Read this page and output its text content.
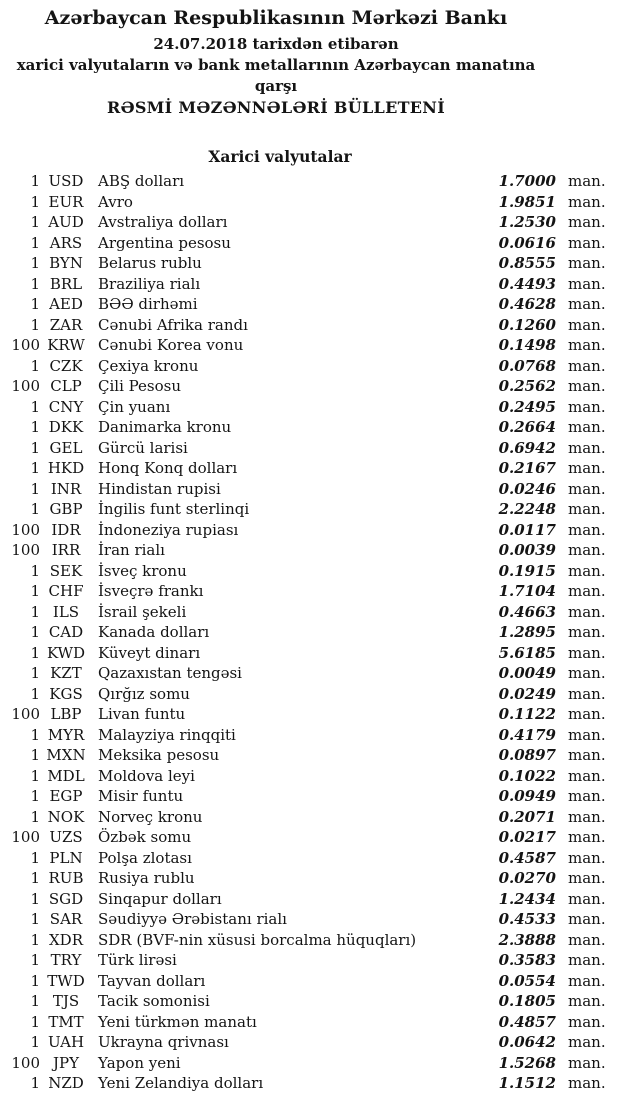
Azərbaycan Respublikasının Mərkəzi Bankı
24.07.2018 tarixdən etibarən
xarici valyutaların və bank metallarının Azərbaycan manatına qarşı
RƏSMİ MƏZƏNNƏLƏRİ BÜLLETENİ
Xarici valyutalar
1 USD ABŞ dolları	1.7000 man.
1 EUR Avro	1.9851 man.
1 AUD Avstraliya dolları	1.2530 man.
1 ARS	Argentina pesosu	0.0616 man.
1 BYN	Belarus rublu	0.8555 man.
1 BRL	Braziliya rialı	0.4493 man.
1 AED	BƏƏ dirhəmi	0.4628 man.
1 ZAR	Cənubi Afrika randı	0.1260 man.
100 KRW Cənubi Korea vonu	0.1498 man.
1 CZK	Çexiya kronu	0.0768 man.
100 CLP	Çili Pesosu	0.2562 man.
1 CNY Çin yuanı	0.2495 man.
1 DKK Danimarka kronu	0.2664 man.
1 GEL	Gürcü larisi	0.6942 man.
1 HKD Honq Konq dolları	0.2167 man.
1 INR	Hindistan rupisi	0.0246 man.
1 GBP	İngilis funt sterlinqi	2.2248 man.
100 IDR	İndoneziya rupiası	0.0117 man.
100 IRR	İran rialı	0.0039 man.
1 SEK	İsveç kronu	0.1915 man.
1 CHF İsveçrə frankı	1.7104 man.
1 ILS	İsrail şekeli	0.4663 man.
1 CAD Kanada dolları	1.2895 man.
1 KWD Küveyt dinarı	5.6185 man.
1 KZT	Qazaxıstan tengəsi	0.0049 man.
1 KGS	Qırğız somu	0.0249 man.
100 LBP	Livan funtu	0.1122 man.
1 MYR Malayziya rinqqiti	0.4179 man.
1 MXN Meksika pesosu	0.0897 man.
1 MDL Moldova leyi	0.1022 man.
1 EGP	Misir funtu	0.0949 man.
1 NOK Norveç kronu	0.2071 man.
100 UZS	Özbək somu	0.0217 man.
1 PLN	Polşa zlotası	0.4587 man.
1 RUB Rusiya rublu	0.0270 man.
1 SGD Sinqapur dolları	1.2434 man.
1 SAR	Səudiyyə Ərəbistanı rialı	0.4533 man.
1 XDR	SDR (BVF-nin xüsusi borcalma hüquqları)	2.3888 man.
1 TRY	Türk lirəsi	0.3583 man.
1 TWD Tayvan dolları	0.0554 man.
1 TJS	Tacik somonisi	0.1805 man.
1 TMT Yeni türkmən manatı	0.4857 man.
1 UAH Ukrayna qrivnası	0.0642 man.
100 JPY	Yapon yeni	1.5268 man.
1 NZD Yeni Zelandiya dolları	1.1512 man.
